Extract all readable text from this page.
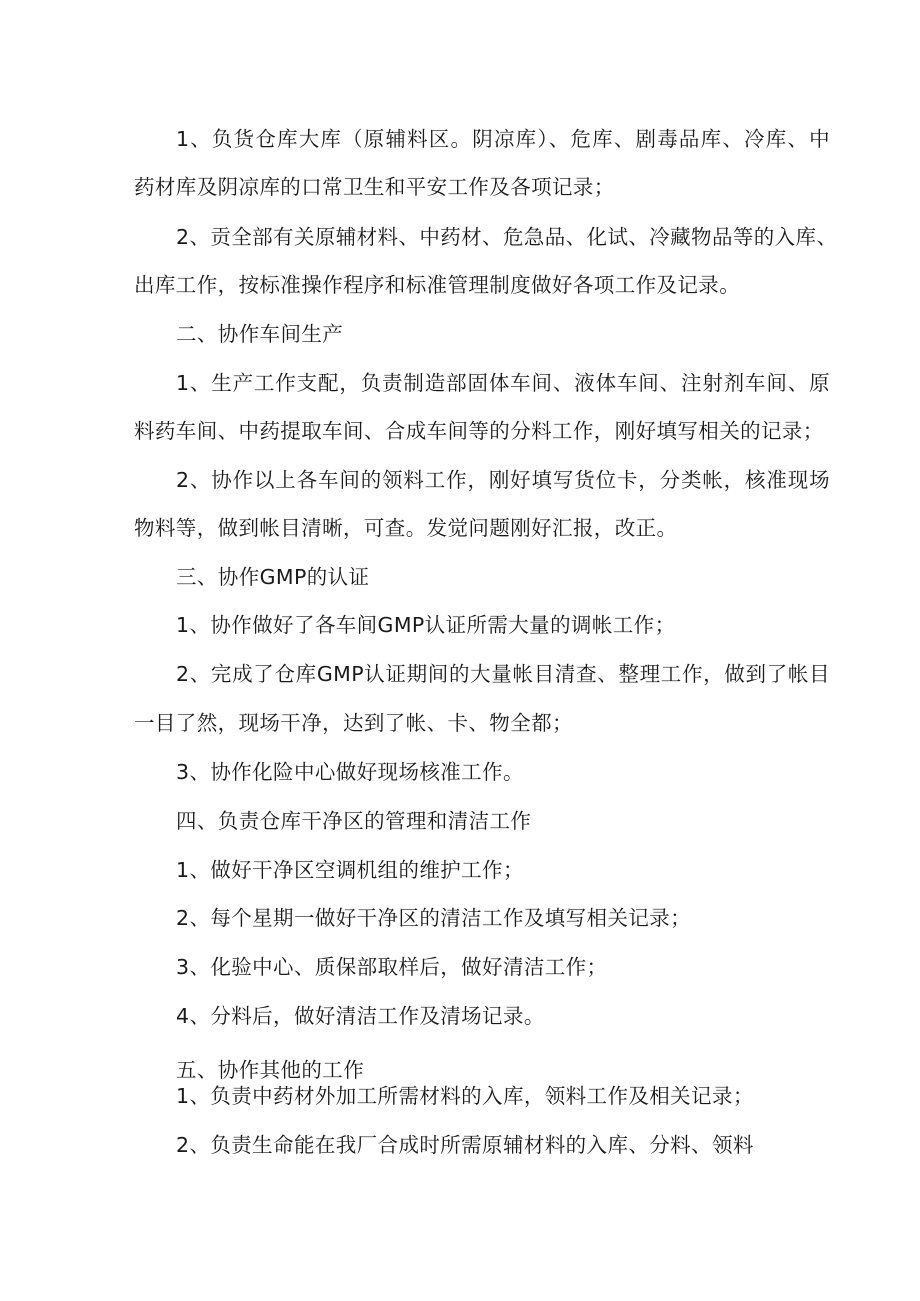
1、负货仓库大库（原辅料区。阴凉库）、危库、剧毒品库、冷库、中
药材库及阴凉库的口常卫生和平安工作及各项记录；
2、贡全部有关原辅材料、中药材、危急品、化试、冷藏物品等的入库、
出库工作，按标准操作程序和标准管理制度做好各项工作及记录。
二、协作车间生产
1、生产工作支配，负责制造部固体车间、液体车间、注射剂车间、原
料药车间、中药提取车间、合成车间等的分料工作，刚好填写相关的记录；
2、协作以上各车间的领料工作，刚好填写货位卡，分类帐，核准现场
物料等，做到帐目清晰，可查。发觉问题刚好汇报，改正。
三、协作GMP的认证
1、协作做好了各车间GMP认证所需大量的调帐工作；
2、完成了仓库GMP认证期间的大量帐目清查、整理工作，做到了帐目
一目了然，现场干净，达到了帐、卡、物全都；
3、协作化险中心做好现场核准工作。
四、负责仓库干净区的管理和清洁工作
1、做好干净区空调机组的维护工作；
2、每个星期一做好干净区的清洁工作及填写相关记录；
3、化验中心、质保部取样后，做好清洁工作；
4、分料后，做好清洁工作及清场记录。
五、协作其他的工作
1、负责中药材外加工所需材料的入库，领料工作及相关记录；
2、负责生命能在我厂合成时所需原辅材料的入库、分料、领料
